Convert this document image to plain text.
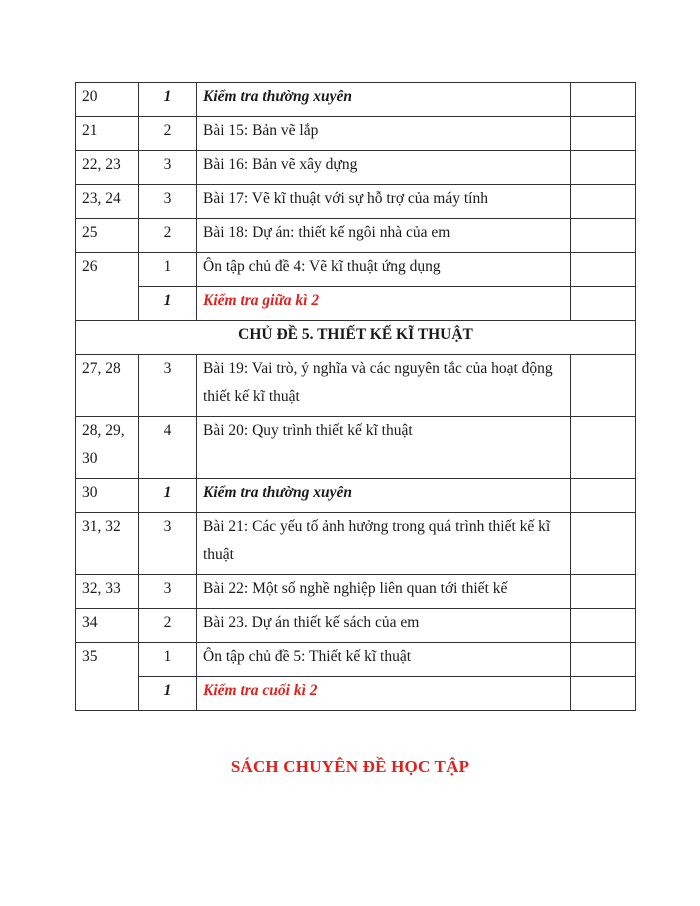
20	1	Kiểm tra thường xuyên	
21	2	Bài 15: Bản vẽ lắp	
22, 23	3	Bài 16: Bản vẽ xây dựng	
23, 24	3	Bài 17: Vẽ kĩ thuật với sự hỗ trợ của máy tính	
25	2	Bài 18: Dự án: thiết kế ngôi nhà của em	
26	1	Ôn tập chủ đề 4: Vẽ kĩ thuật ứng dụng	
	1	Kiểm tra giữa kì 2	
CHỦ ĐỀ 5. THIẾT KẾ KĨ THUẬT			
27, 28	3	Bài 19: Vai trò, ý nghĩa và các nguyên tắc của hoạt động thiết kế kĩ thuật	
28, 29, 30	4	Bài 20: Quy trình thiết kế kĩ thuật	
30	1	Kiểm tra thường xuyên	
31, 32	3	Bài 21: Các yếu tố ảnh hưởng trong quá trình thiết kế kĩ thuật	
32, 33	3	Bài 22: Một số nghề nghiệp liên quan tới thiết kế	
34	2	Bài 23. Dự án thiết kế sách của em	
35	1	Ôn tập chủ đề 5: Thiết kế kĩ thuật	
	1	Kiểm tra cuối kì 2	
SÁCH CHUYÊN ĐỀ HỌC TẬP
